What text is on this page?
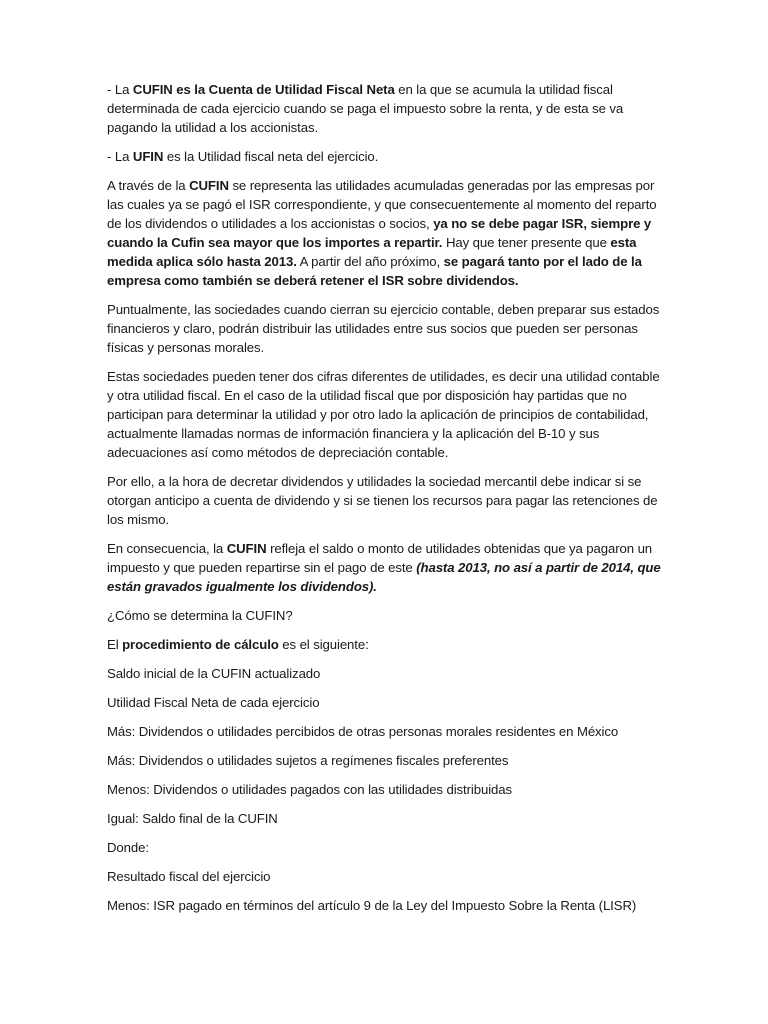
- La CUFIN es la Cuenta de Utilidad Fiscal Neta en la que se acumula la utilidad fiscal determinada de cada ejercicio cuando se paga el impuesto sobre la renta, y de esta se va pagando la utilidad a los accionistas.

- La UFIN es la Utilidad fiscal neta del ejercicio.

A través de la CUFIN se representa las utilidades acumuladas generadas por las empresas por las cuales ya se pagó el ISR correspondiente, y que consecuentemente al momento del reparto de los dividendos o utilidades a los accionistas o socios, ya no se debe pagar ISR, siempre y cuando la Cufin sea mayor que los importes a repartir. Hay que tener presente que esta medida aplica sólo hasta 2013. A partir del año próximo, se pagará tanto por el lado de la empresa como también se deberá retener el ISR sobre dividendos.

Puntualmente, las sociedades cuando cierran su ejercicio contable, deben preparar sus estados financieros y claro, podrán distribuir las utilidades entre sus socios que pueden ser personas físicas y personas morales.

Estas sociedades pueden tener dos cifras diferentes de utilidades, es decir una utilidad contable y otra utilidad fiscal. En el caso de la utilidad fiscal que por disposición hay partidas que no participan para determinar la utilidad y por otro lado la aplicación de principios de contabilidad, actualmente llamadas normas de información financiera y la aplicación del B-10 y sus adecuaciones así como métodos de depreciación contable.

Por ello, a la hora de decretar dividendos y utilidades la sociedad mercantil debe indicar si se otorgan anticipo a cuenta de dividendo y si se tienen los recursos para pagar las retenciones de los mismo.

En consecuencia, la CUFIN refleja el saldo o monto de utilidades obtenidas que ya pagaron un impuesto y que pueden repartirse sin el pago de este (hasta 2013, no así a partir de 2014, que están gravados igualmente los dividendos).

¿Cómo se determina la CUFIN?

El procedimiento de cálculo es el siguiente:

Saldo inicial de la CUFIN actualizado

Utilidad Fiscal Neta de cada ejercicio

Más: Dividendos o utilidades percibidos de otras personas morales residentes en México

Más: Dividendos o utilidades sujetos a regímenes fiscales preferentes

Menos: Dividendos o utilidades pagados con las utilidades distribuidas

Igual: Saldo final de la CUFIN

Donde:

Resultado fiscal del ejercicio

Menos: ISR pagado en términos del artículo 9 de la Ley del Impuesto Sobre la Renta (LISR)
